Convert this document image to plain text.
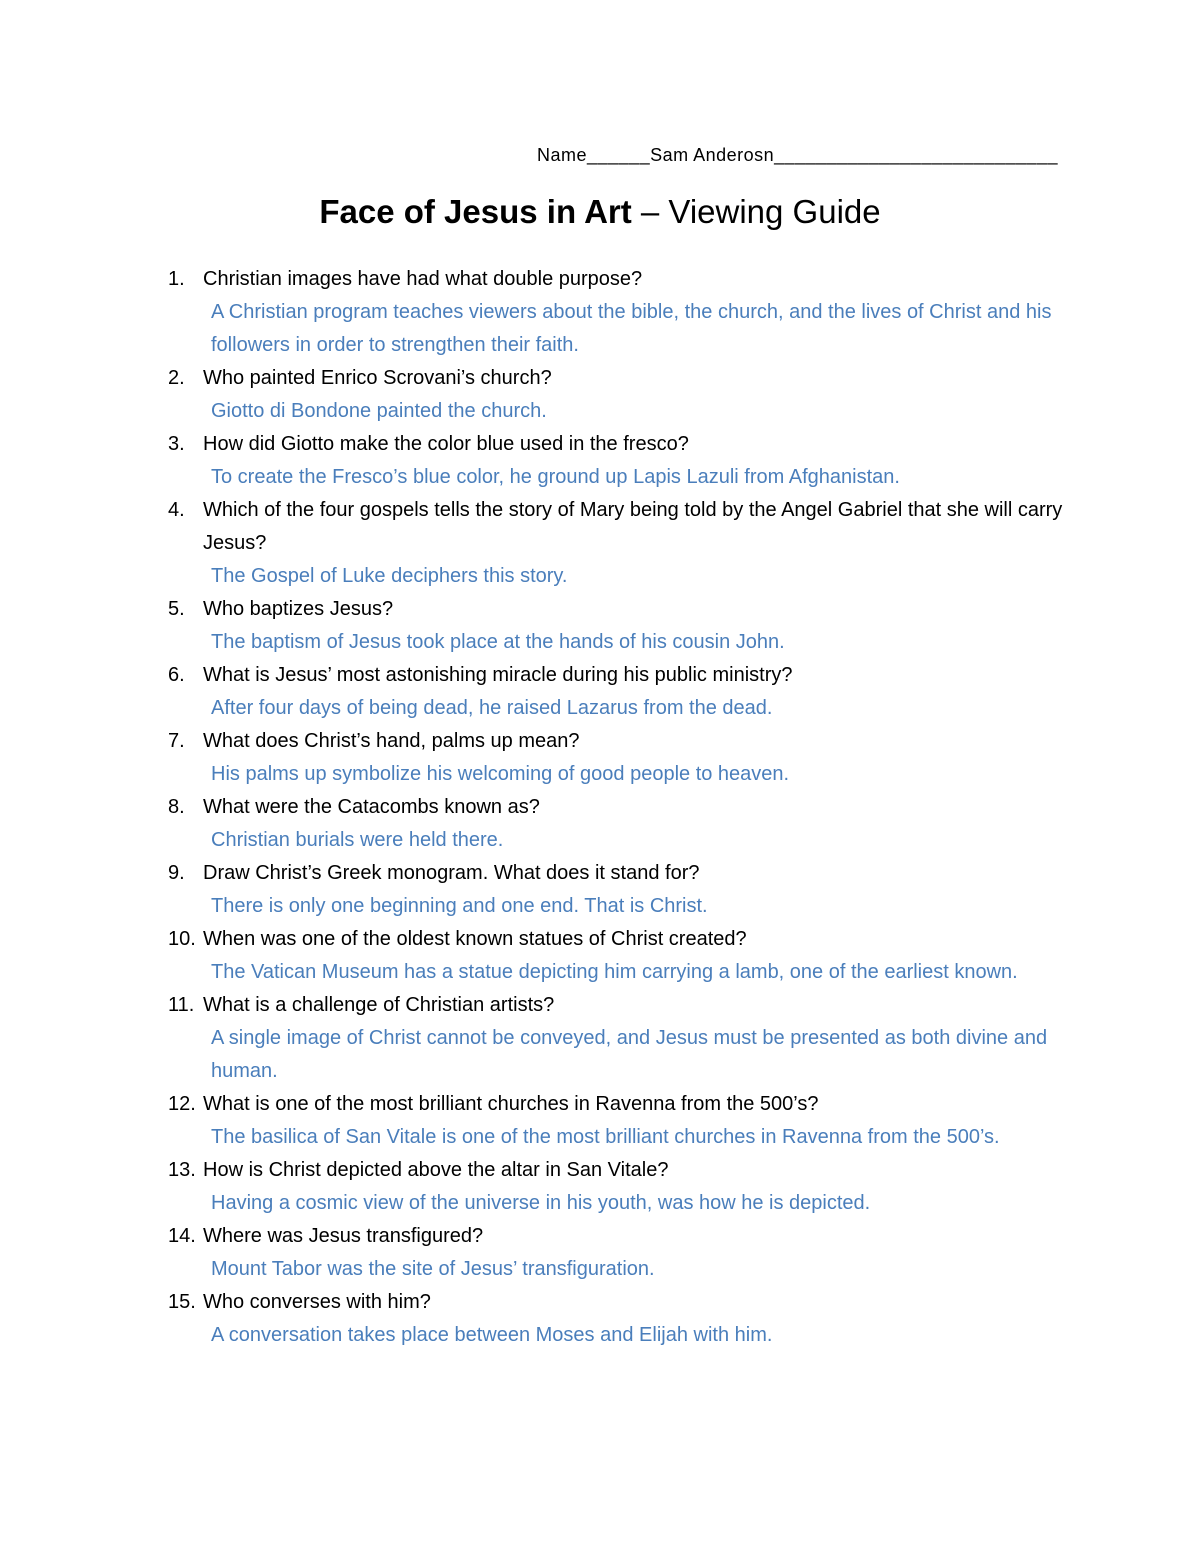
Name______Sam Anderosn___________________________
Face of Jesus in Art – Viewing Guide
1. Christian images have had what double purpose?
A Christian program teaches viewers about the bible, the church, and the lives of Christ and his followers in order to strengthen their faith.
2. Who painted Enrico Scrovani’s church?
Giotto di Bondone painted the church.
3. How did Giotto make the color blue used in the fresco?
To create the Fresco’s blue color, he ground up Lapis Lazuli from Afghanistan.
4. Which of the four gospels tells the story of Mary being told by the Angel Gabriel that she will carry Jesus?
The Gospel of Luke deciphers this story.
5. Who baptizes Jesus?
The baptism of Jesus took place at the hands of his cousin John.
6. What is Jesus’ most astonishing miracle during his public ministry?
After four days of being dead, he raised Lazarus from the dead.
7. What does Christ’s hand, palms up mean?
His palms up symbolize his welcoming of good people to heaven.
8. What were the Catacombs known as?
Christian burials were held there.
9. Draw Christ’s Greek monogram. What does it stand for?
There is only one beginning and one end. That is Christ.
10. When was one of the oldest known statues of Christ created?
The Vatican Museum has a statue depicting him carrying a lamb, one of the earliest known.
11. What is a challenge of Christian artists?
A single image of Christ cannot be conveyed, and Jesus must be presented as both divine and human.
12. What is one of the most brilliant churches in Ravenna from the 500’s?
The basilica of San Vitale is one of the most brilliant churches in Ravenna from the 500’s.
13. How is Christ depicted above the altar in San Vitale?
Having a cosmic view of the universe in his youth, was how he is depicted.
14. Where was Jesus transfigured?
Mount Tabor was the site of Jesus’ transfiguration.
15. Who converses with him?
A conversation takes place between Moses and Elijah with him.
